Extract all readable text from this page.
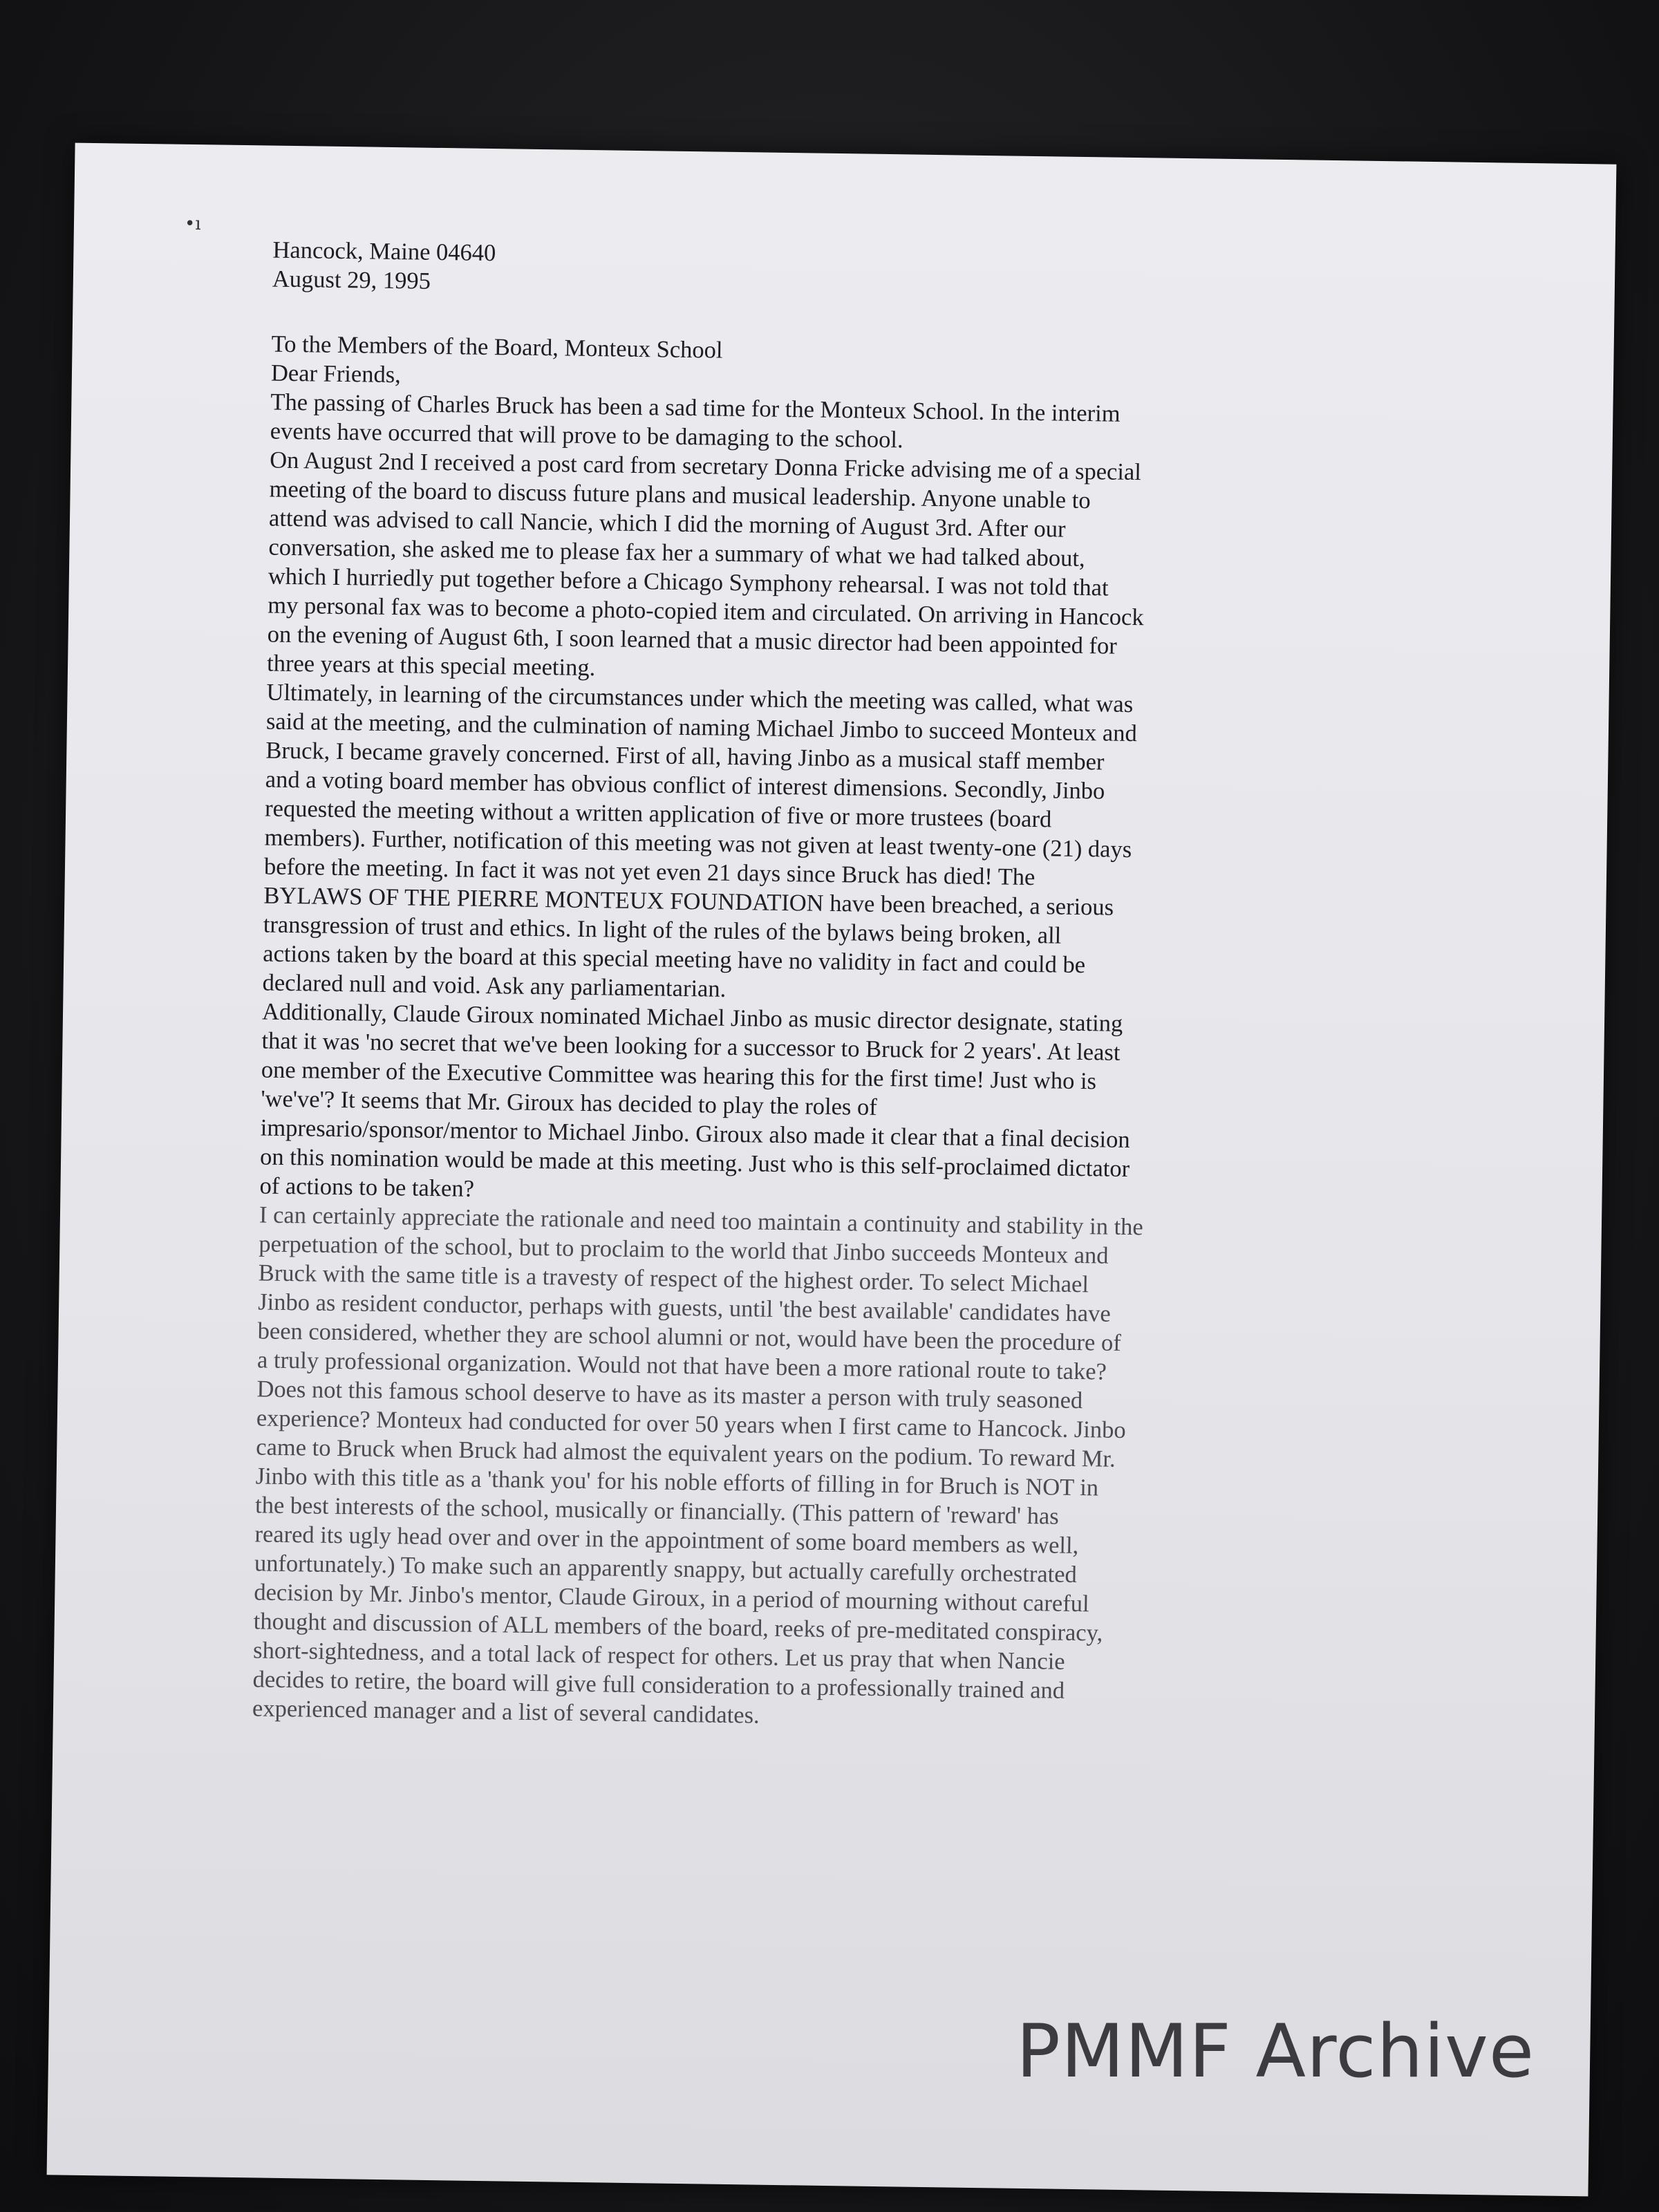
•ı

Hancock, Maine 04640

August 29, 1995

To the Members of the Board, Monteux School

Dear Friends,

The passing of Charles Bruck has been a sad time for the Monteux School. In the interim
events have occurred that will prove to be damaging to the school.

On August 2nd I received a post card from secretary Donna Fricke advising me of a special
meeting of the board to discuss future plans and musical leadership. Anyone unable to
attend was advised to call Nancie, which I did the morning of August 3rd. After our
conversation, she asked me to please fax her a summary of what we had talked about,
which I hurriedly put together before a Chicago Symphony rehearsal. I was not told that
my personal fax was to become a photo-copied item and circulated. On arriving in Hancock
on the evening of August 6th, I soon learned that a music director had been appointed for
three years at this special meeting.

Ultimately, in learning of the circumstances under which the meeting was called, what was
said at the meeting, and the culmination of naming Michael Jimbo to succeed Monteux and
Bruck, I became gravely concerned. First of all, having Jinbo as a musical staff member
and a voting board member has obvious conflict of interest dimensions. Secondly, Jinbo
requested the meeting without a written application of five or more trustees (board
members). Further, notification of this meeting was not given at least twenty-one (21) days
before the meeting. In fact it was not yet even 21 days since Bruck has died! The
BYLAWS OF THE PIERRE MONTEUX FOUNDATION have been breached, a serious
transgression of trust and ethics. In light of the rules of the bylaws being broken, all
actions taken by the board at this special meeting have no validity in fact and could be
declared null and void. Ask any parliamentarian.

Additionally, Claude Giroux nominated Michael Jinbo as music director designate, stating
that it was 'no secret that we've been looking for a successor to Bruck for 2 years'. At least
one member of the Executive Committee was hearing this for the first time! Just who is
'we've'? It seems that Mr. Giroux has decided to play the roles of
impresario/sponsor/mentor to Michael Jinbo. Giroux also made it clear that a final decision
on this nomination would be made at this meeting. Just who is this self-proclaimed dictator
of actions to be taken?

I can certainly appreciate the rationale and need too maintain a continuity and stability in the
perpetuation of the school, but to proclaim to the world that Jinbo succeeds Monteux and
Bruck with the same title is a travesty of respect of the highest order. To select Michael
Jinbo as resident conductor, perhaps with guests, until 'the best available' candidates have
been considered, whether they are school alumni or not, would have been the procedure of
a truly professional organization. Would not that have been a more rational route to take?
Does not this famous school deserve to have as its master a person with truly seasoned
experience? Monteux had conducted for over 50 years when I first came to Hancock. Jinbo
came to Bruck when Bruck had almost the equivalent years on the podium. To reward Mr.
Jinbo with this title as a 'thank you' for his noble efforts of filling in for Bruch is NOT in
the best interests of the school, musically or financially. (This pattern of 'reward' has
reared its ugly head over and over in the appointment of some board members as well,
unfortunately.) To make such an apparently snappy, but actually carefully orchestrated
decision by Mr. Jinbo's mentor, Claude Giroux, in a period of mourning without careful
thought and discussion of ALL members of the board, reeks of pre-meditated conspiracy,
short-sightedness, and a total lack of respect for others. Let us pray that when Nancie
decides to retire, the board will give full consideration to a professionally trained and
experienced manager and a list of several candidates.

PMMF Archive
